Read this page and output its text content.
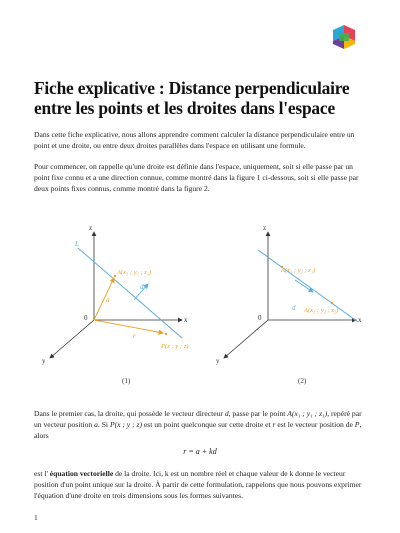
Fiche explicative : Distance perpendiculaire entre les points et les droites dans l'espace

Dans cette fiche explicative, nous allons apprendre comment calculer la distance perpendiculaire entre un point et une droite, ou entre deux droites parallèles dans l'espace en utilisant une formule.

Pour commencer, on rappelle qu'une droite est définie dans l'espace, uniquement, soit si elle passe par un point fixe connu et a une direction connue, comme montré dans la figure 1 ci-dessous, soit si elle passe par deux points fixes connus, comme montré dans la figure 2.

z
x
y
0
L
A(x₁ ; y₁ ; z₁)
d
a
r
P(x ; y ; z)
z
x
y
0
A(x₁ ; y₁ ; z₁)
A(x₂ ; y₂ ; z₂)
d
(1)	(2)

Dans le premier cas, la droite, qui possède le vecteur directeur d, passe par le point A(x₁ ; y₁ ; z₁), repéré par un vecteur position a. Si P(x ; y ; z) est un point quelconque sur cette droite et r est le vecteur position de P, alors

r = a + kd

est l' équation vectorielle de la droite. Ici, k est un nombre réel et chaque valeur de k donne le vecteur position d'un point unique sur la droite. À partir de cette formulation, rappelons que nous pouvons exprimer l'équation d'une droite en trois dimensions sous les formes suivantes.

1
